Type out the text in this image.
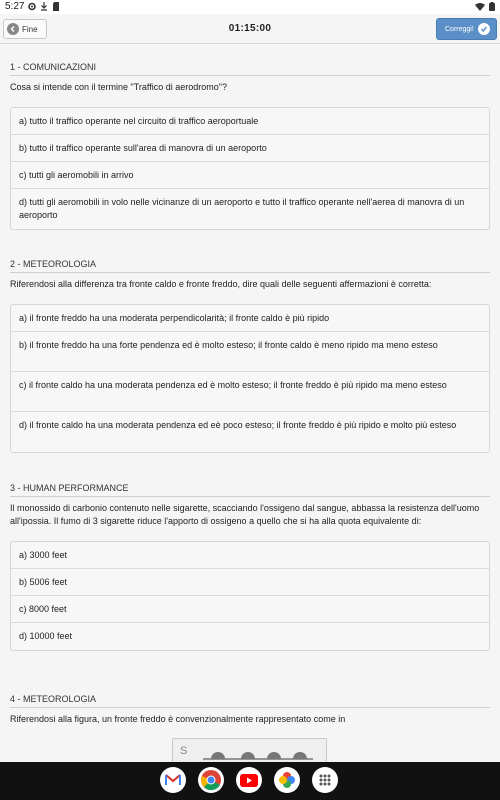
5:27
Fine	01:15:00	Correggi!
1 - COMUNICAZIONI
Cosa si intende con il termine "Traffico di aerodromo"?
a) tutto il traffico operante nel circuito di traffico aeroportuale
b) tutto il traffico operante sull'area di manovra di un aeroporto
c) tutti gli aeromobili in arrivo
d) tutti gli aeromobili in volo nelle vicinanze di un aeroporto e tutto il traffico operante nell'aerea di manovra di un aeroporto
2 - METEOROLOGIA
Riferendosi alla differenza tra fronte caldo e fronte freddo, dire quali delle seguenti affermazioni è corretta:
a) il fronte freddo ha una moderata perpendicolarità; il fronte caldo è più ripido
b) il fronte freddo ha una forte pendenza ed è molto esteso; il fronte caldo è meno ripido ma meno esteso
c) il fronte caldo ha una moderata pendenza ed è molto esteso; il fronte freddo è più ripido ma meno esteso
d) il fronte caldo ha una moderata pendenza ed eè poco esteso; il fronte freddo è più ripido e molto più esteso
3 - HUMAN PERFORMANCE
Il monossido di carbonio contenuto nelle sigarette, scacciando l'ossigeno dal sangue, abbassa la resistenza dell'uomo all'ipossia. Il fumo di 3 sigarette riduce l'apporto di ossigeno a quello che si ha alla quota equivalente di:
a) 3000 feet
b) 5006 feet
c) 8000 feet
d) 10000 feet
4 - METEOROLOGIA
Riferendosi alla figura, un fronte freddo è convenzionalmente rappresentato come in
S
